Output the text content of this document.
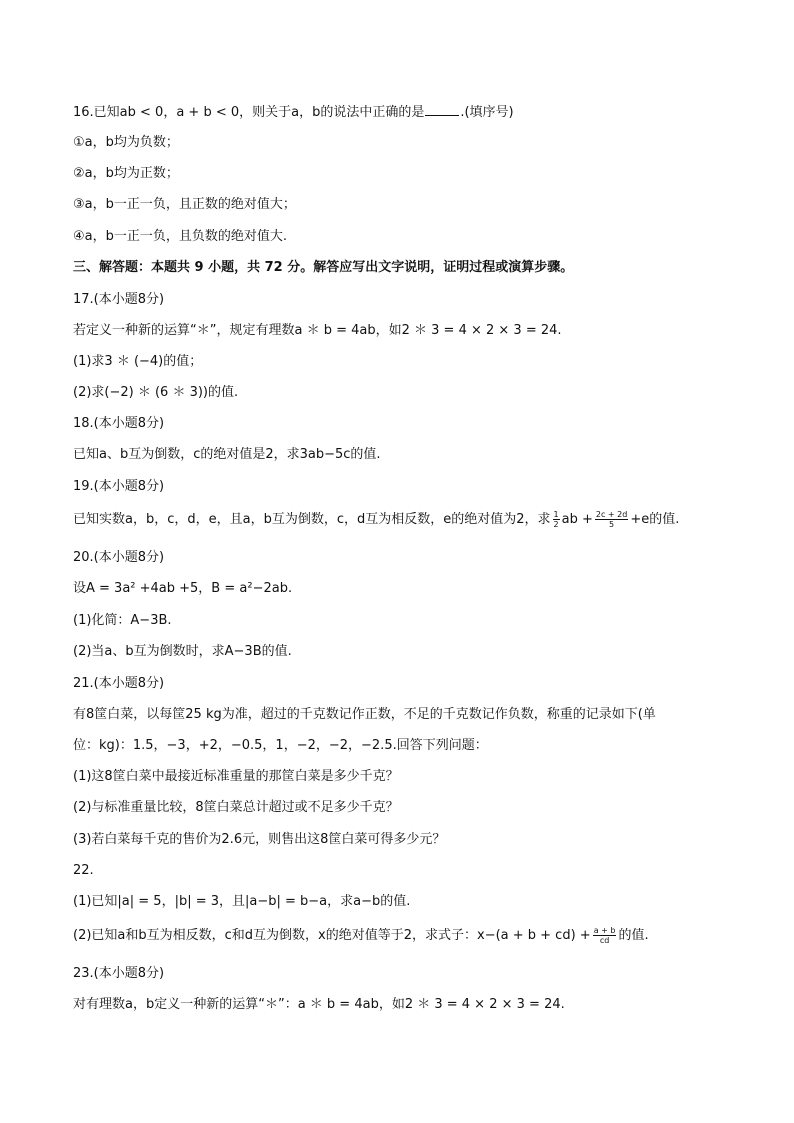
16.已知ab < 0，a + b < 0，则关于a，b的说法中正确的是	.(填序号)
①a，b均为负数；
②a，b均为正数；
③a，b一正一负，且正数的绝对值大；
④a，b一正一负，且负数的绝对值大.
三、解答题：本题共 9 小题，共 72 分。解答应写出文字说明，证明过程或演算步骤。
17.(本小题8分)
若定义一种新的运算“＊”，规定有理数a ＊ b = 4ab，如2 ＊ 3 = 4 × 2 × 3 = 24.
(1)求3 ＊ (−4)的值；
(2)求(−2) ＊ (6 ＊ 3))的值.
18.(本小题8分)
已知a、b互为倒数，c的绝对值是2，求3ab−5c的值.
19.(本小题8分)
已知实数a，b，c，d，e，且a，b互为倒数，c，d互为相反数，e的绝对值为2，求 $\frac{1}{2}$ ab + $\frac{2c + 2d}{5} +e$的值.
20.(本小题8分)
设A = 3a² +4ab +5，B = a²−2ab.
(1)化简：A−3B.
(2)当a、b互为倒数时，求A−3B的值.
21.(本小题8分)
有8筐白菜，以每筐25 kg为准，超过的千克数记作正数，不足的千克数记作负数，称重的记录如下(单
位：kg)：1.5，−3，+2，−0.5，1，−2，−2，−2.5.回答下列问题：
(1)这8筐白菜中最接近标准重量的那筐白菜是多少千克？
(2)与标准重量比较，8筐白菜总计超过或不足多少千克？
(3)若白菜每千克的售价为2.6元，则售出这8筐白菜可得多少元？
22.
(1)已知|a| = 5，|b| = 3，且|a−b| = b−a，求a−b的值.
(2)已知a和b互为相反数，c和d互为倒数，x的绝对值等于2，求式子：$x-(a + b + cd) + \frac{a + b}{cd}$ 的值.
23.(本小题8分)
对有理数a，b定义一种新的运算“＊”：a ＊ b = 4ab，如2 ＊ 3 = 4 × 2 × 3 = 24.
